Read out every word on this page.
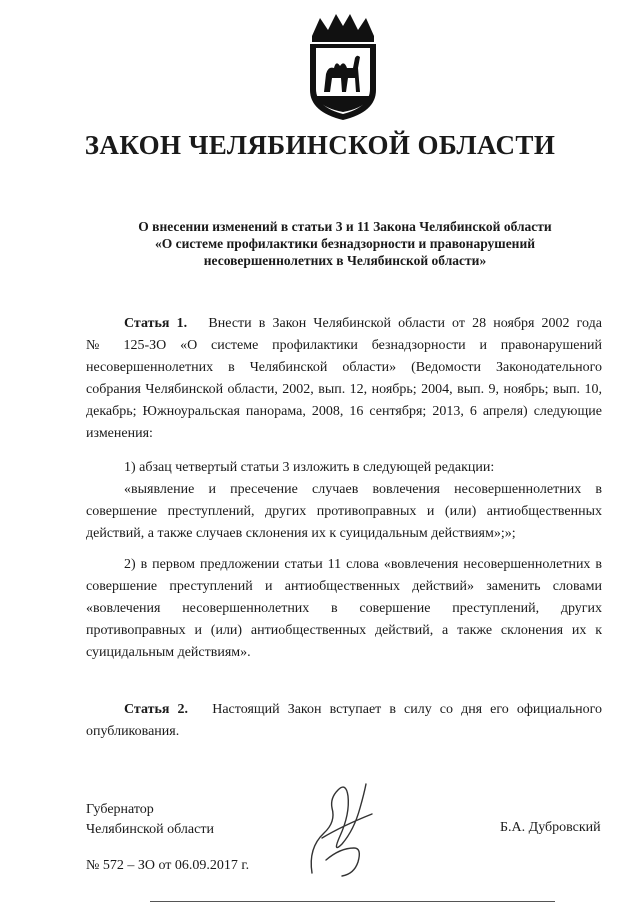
ЗАКОН ЧЕЛЯБИНСКОЙ ОБЛАСТИ
О внесении изменений в статьи 3 и 11 Закона Челябинской области
«О системе профилактики безнадзорности и правонарушений
несовершеннолетних в Челябинской области»
Статья 1. Внести в Закон Челябинской области от 28 ноября 2002 года
№ 125-ЗО «О системе профилактики безнадзорности и правонарушений
несовершеннолетних в Челябинской области» (Ведомости Законодательного
собрания Челябинской области, 2002, вып. 12, ноябрь; 2004, вып. 9, ноябрь; вып. 10,
декабрь; Южноуральская панорама, 2008, 16 сентября; 2013, 6 апреля) следующие
изменения:
1) абзац четвертый статьи 3 изложить в следующей редакции:
«выявление и пресечение случаев вовлечения несовершеннолетних в
совершение преступлений, других противоправных и (или) антиобщественных
действий, а также случаев склонения их к суицидальным действиям»;»;
2) в первом предложении статьи 11 слова «вовлечения несовершеннолетних в
совершение преступлений и антиобщественных действий» заменить словами
«вовлечения несовершеннолетних в совершение преступлений, других
противоправных и (или) антиобщественных действий, а также склонения их к
суицидальным действиям».
Статья 2. Настоящий Закон вступает в силу со дня его официального
опубликования.
Губернатор
Челябинской области	Б.А. Дубровский
№ 572 – ЗО от 06.09.2017 г.
